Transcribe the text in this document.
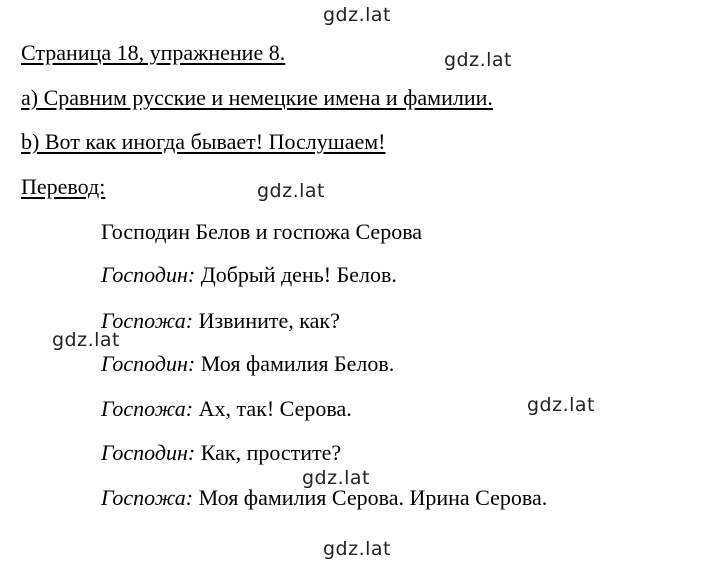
Страница 18, упражнение 8.
a) Сравним русские и немецкие имена и фамилии.
b) Вот как иногда бывает! Послушаем!
Перевод:
Господин Белов и госпожа Серова
Господин: Добрый день! Белов.
Госпожа: Извините, как?
Господин: Моя фамилия Белов.
Госпожа: Ах, так! Серова.
Господин: Как, простите?
Госпожа: Моя фамилия Серова. Ирина Серова.
gdz.lat
gdz.lat
gdz.lat
gdz.lat
gdz.lat
gdz.lat
gdz.lat
